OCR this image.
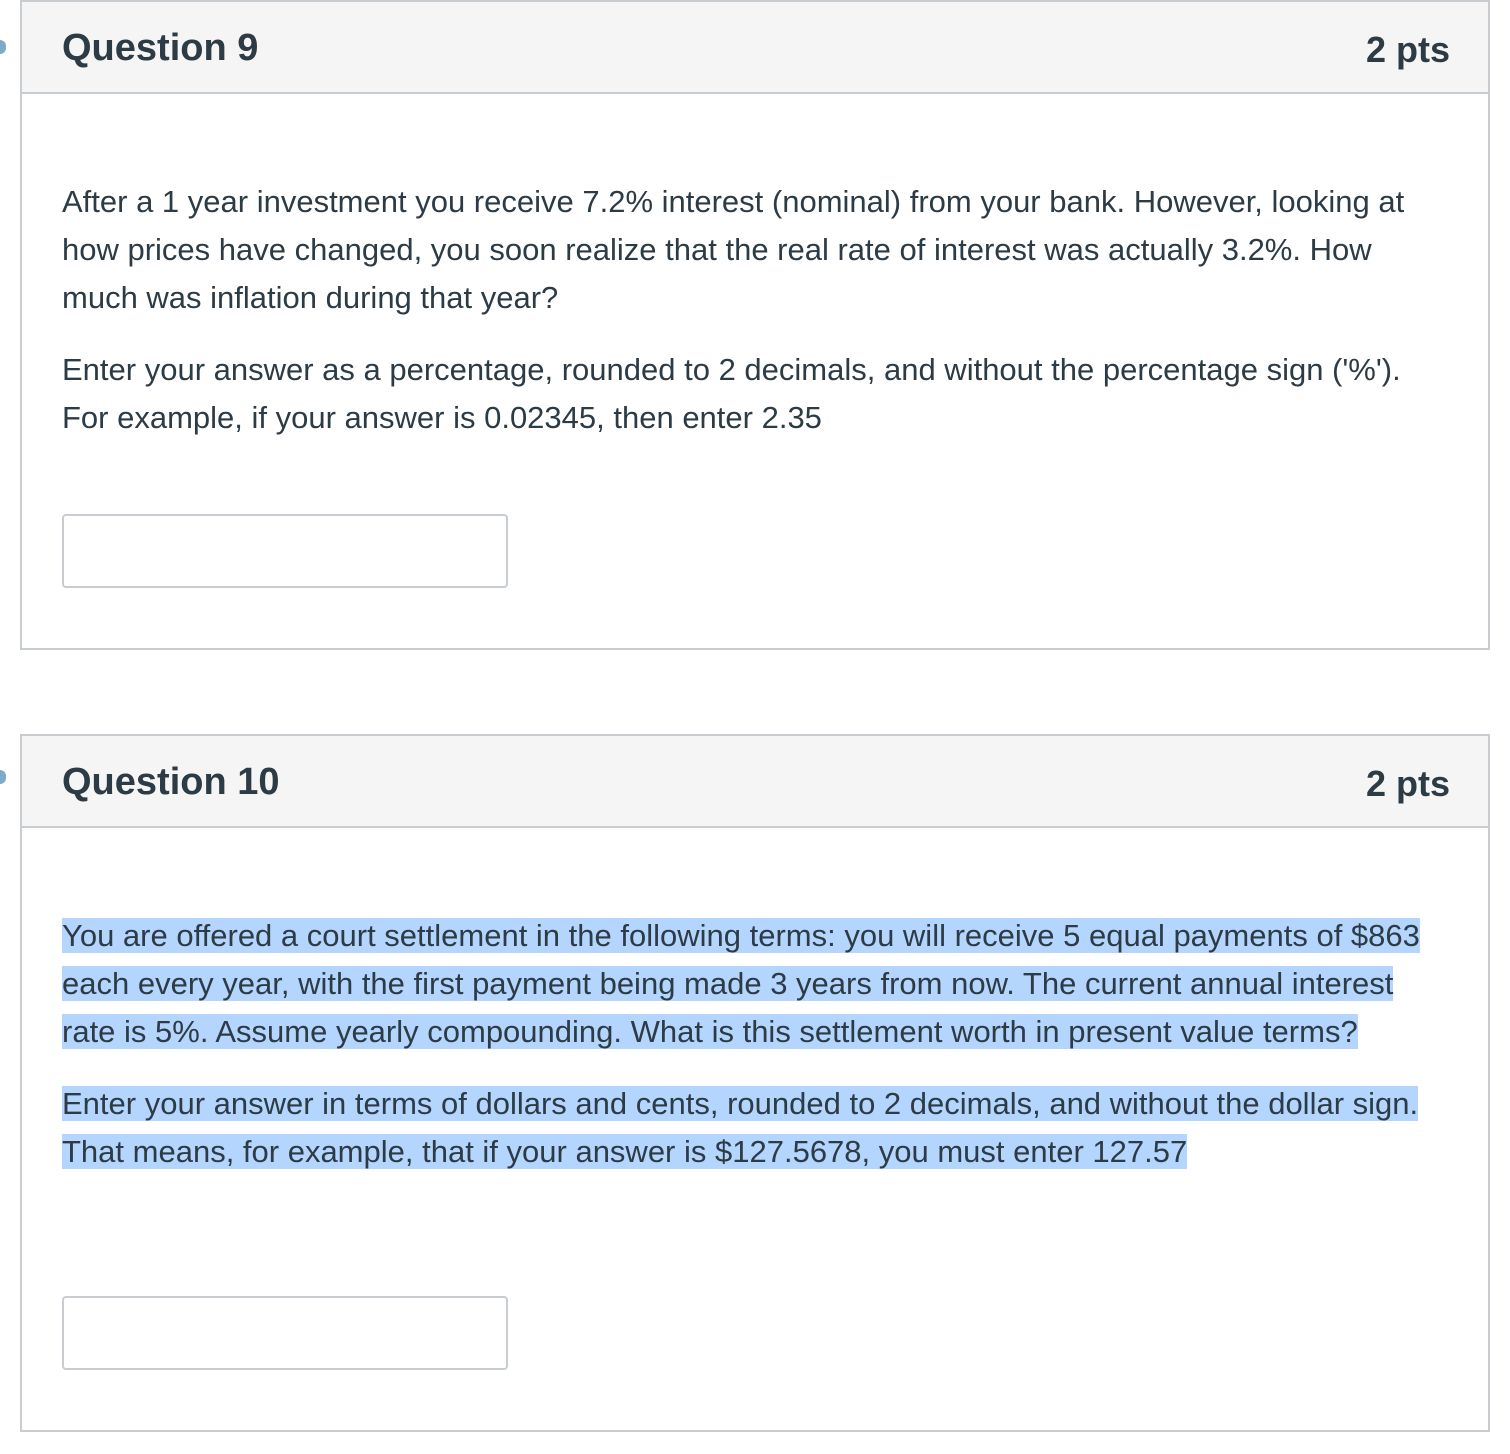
Question 9	2 pts

After a 1 year investment you receive 7.2% interest (nominal) from your bank. However, looking at how prices have changed, you soon realize that the real rate of interest was actually 3.2%. How much was inflation during that year?

Enter your answer as a percentage, rounded to 2 decimals, and without the percentage sign ('%'). For example, if your answer is 0.02345, then enter 2.35

Question 10	2 pts

You are offered a court settlement in the following terms: you will receive 5 equal payments of $863 each every year, with the first payment being made 3 years from now. The current annual interest rate is 5%. Assume yearly compounding. What is this settlement worth in present value terms?

Enter your answer in terms of dollars and cents, rounded to 2 decimals, and without the dollar sign. That means, for example, that if your answer is $127.5678, you must enter 127.57
